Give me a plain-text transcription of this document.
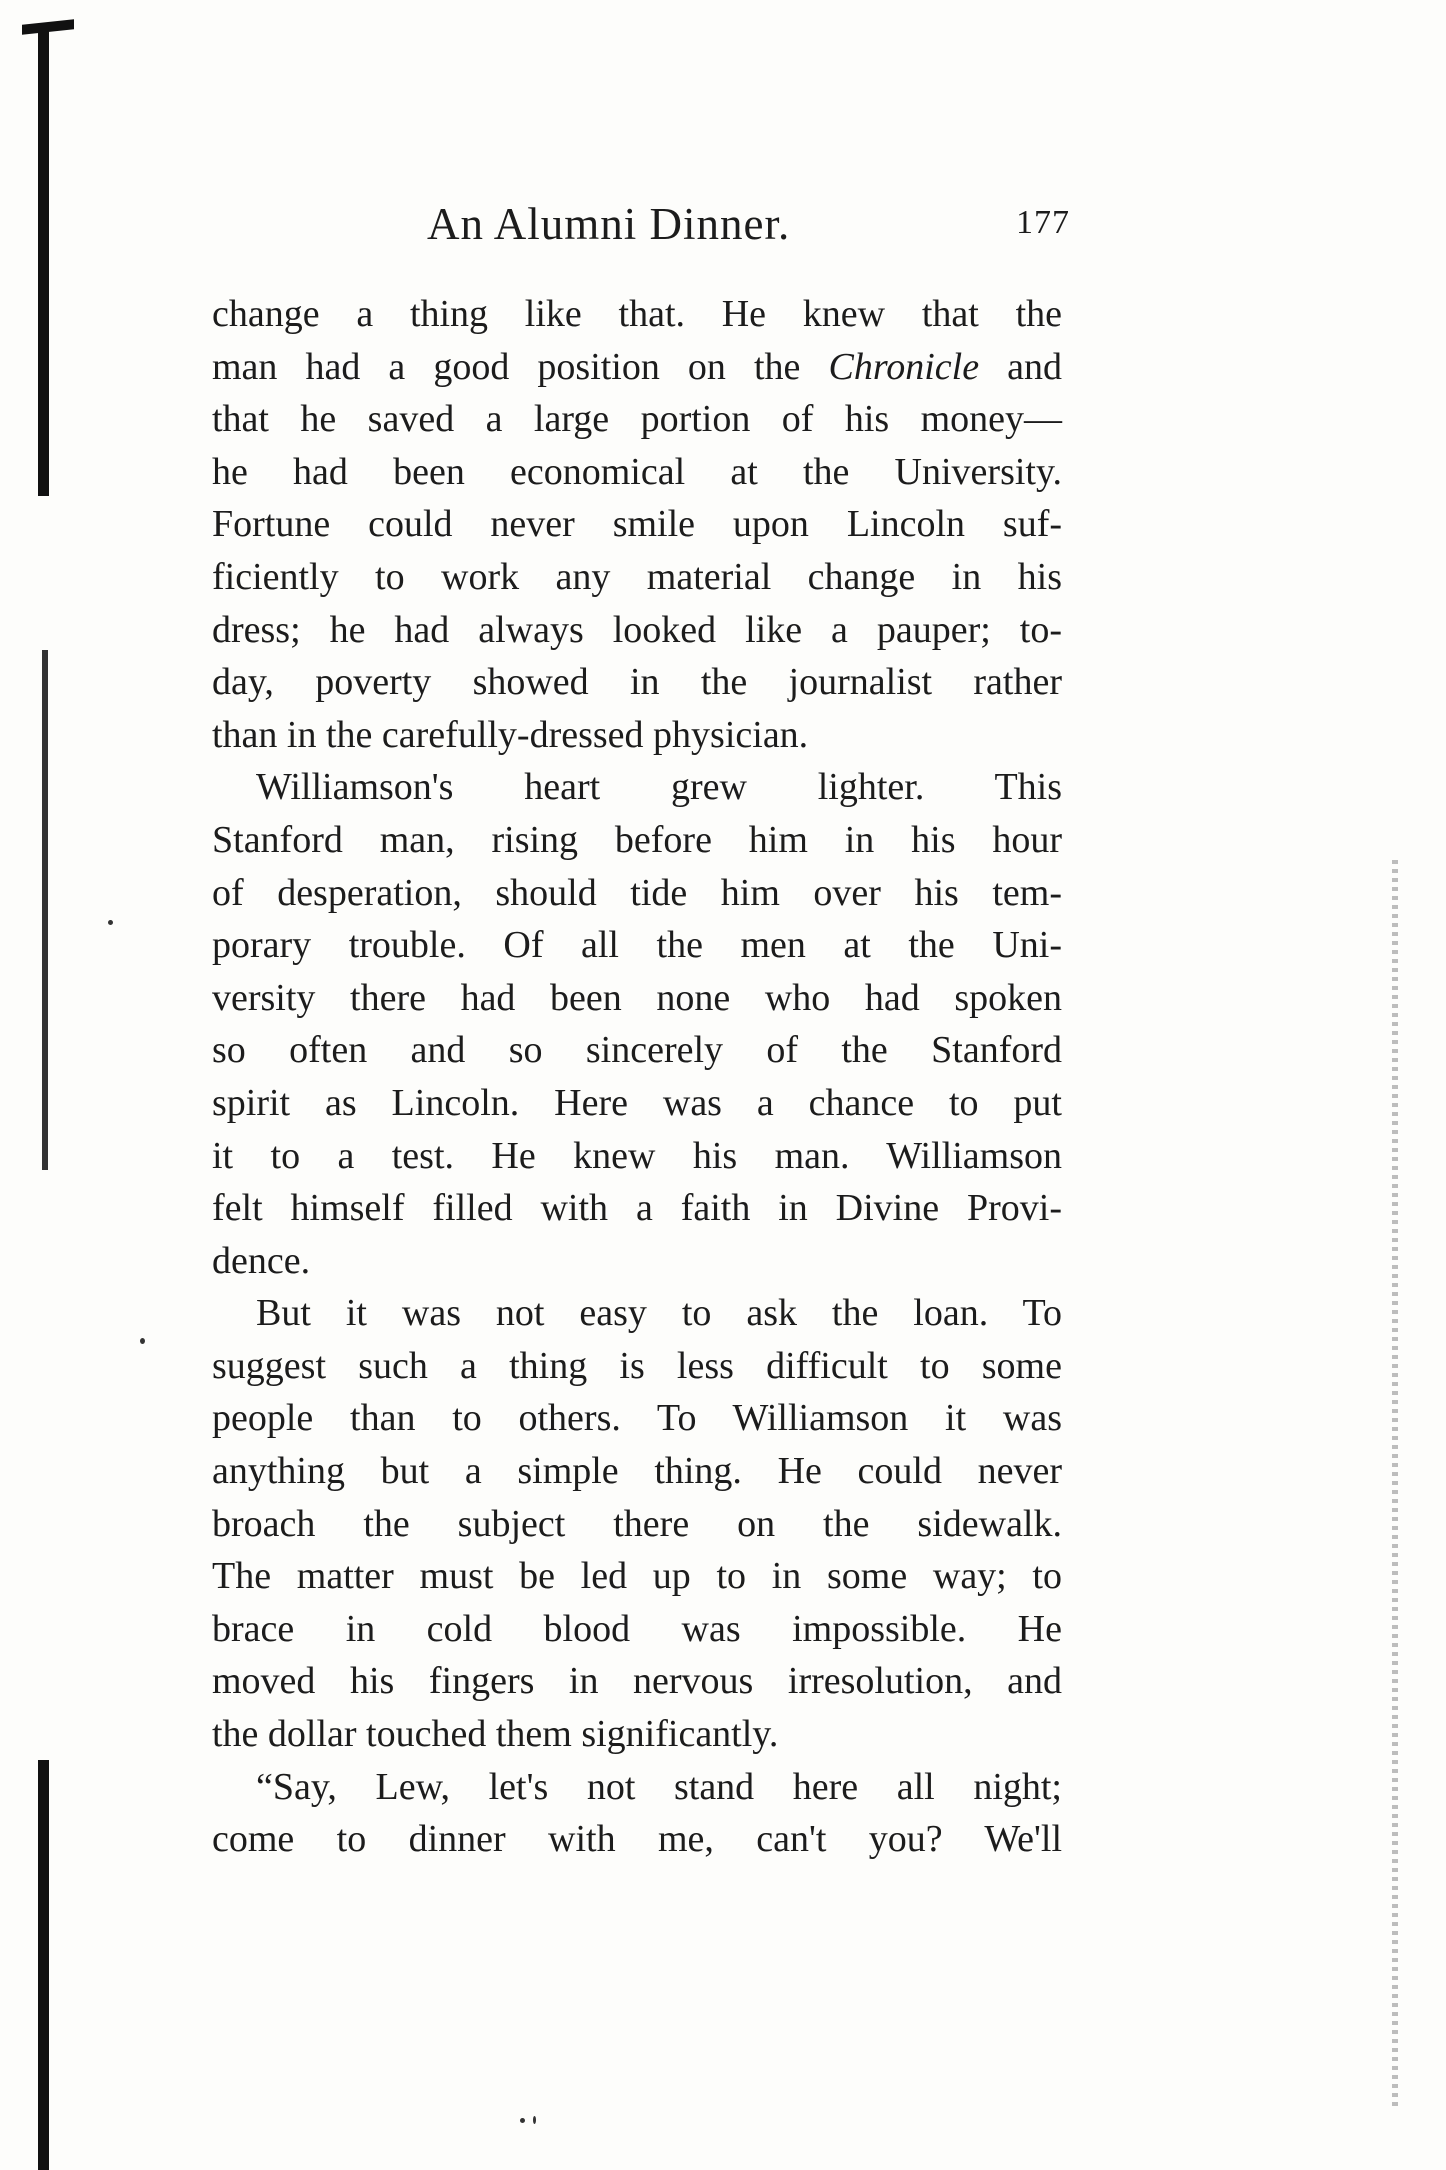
An Alumni Dinner.	177
change a thing like that. He knew that the
man had a good position on the Chronicle and
that he saved a large portion of his money—
he had been economical at the University.
Fortune could never smile upon Lincoln suf-
ficiently to work any material change in his
dress; he had always looked like a pauper; to-
day, poverty showed in the journalist rather
than in the carefully-dressed physician.
Williamson's heart grew lighter. This
Stanford man, rising before him in his hour
of desperation, should tide him over his tem-
porary trouble. Of all the men at the Uni-
versity there had been none who had spoken
so often and so sincerely of the Stanford
spirit as Lincoln. Here was a chance to put
it to a test. He knew his man. Williamson
felt himself filled with a faith in Divine Provi-
dence.
But it was not easy to ask the loan. To
suggest such a thing is less difficult to some
people than to others. To Williamson it was
anything but a simple thing. He could never
broach the subject there on the sidewalk.
The matter must be led up to in some way; to
brace in cold blood was impossible. He
moved his fingers in nervous irresolution, and
the dollar touched them significantly.
“Say, Lew, let's not stand here all night;
come to dinner with me, can't you? We'll
